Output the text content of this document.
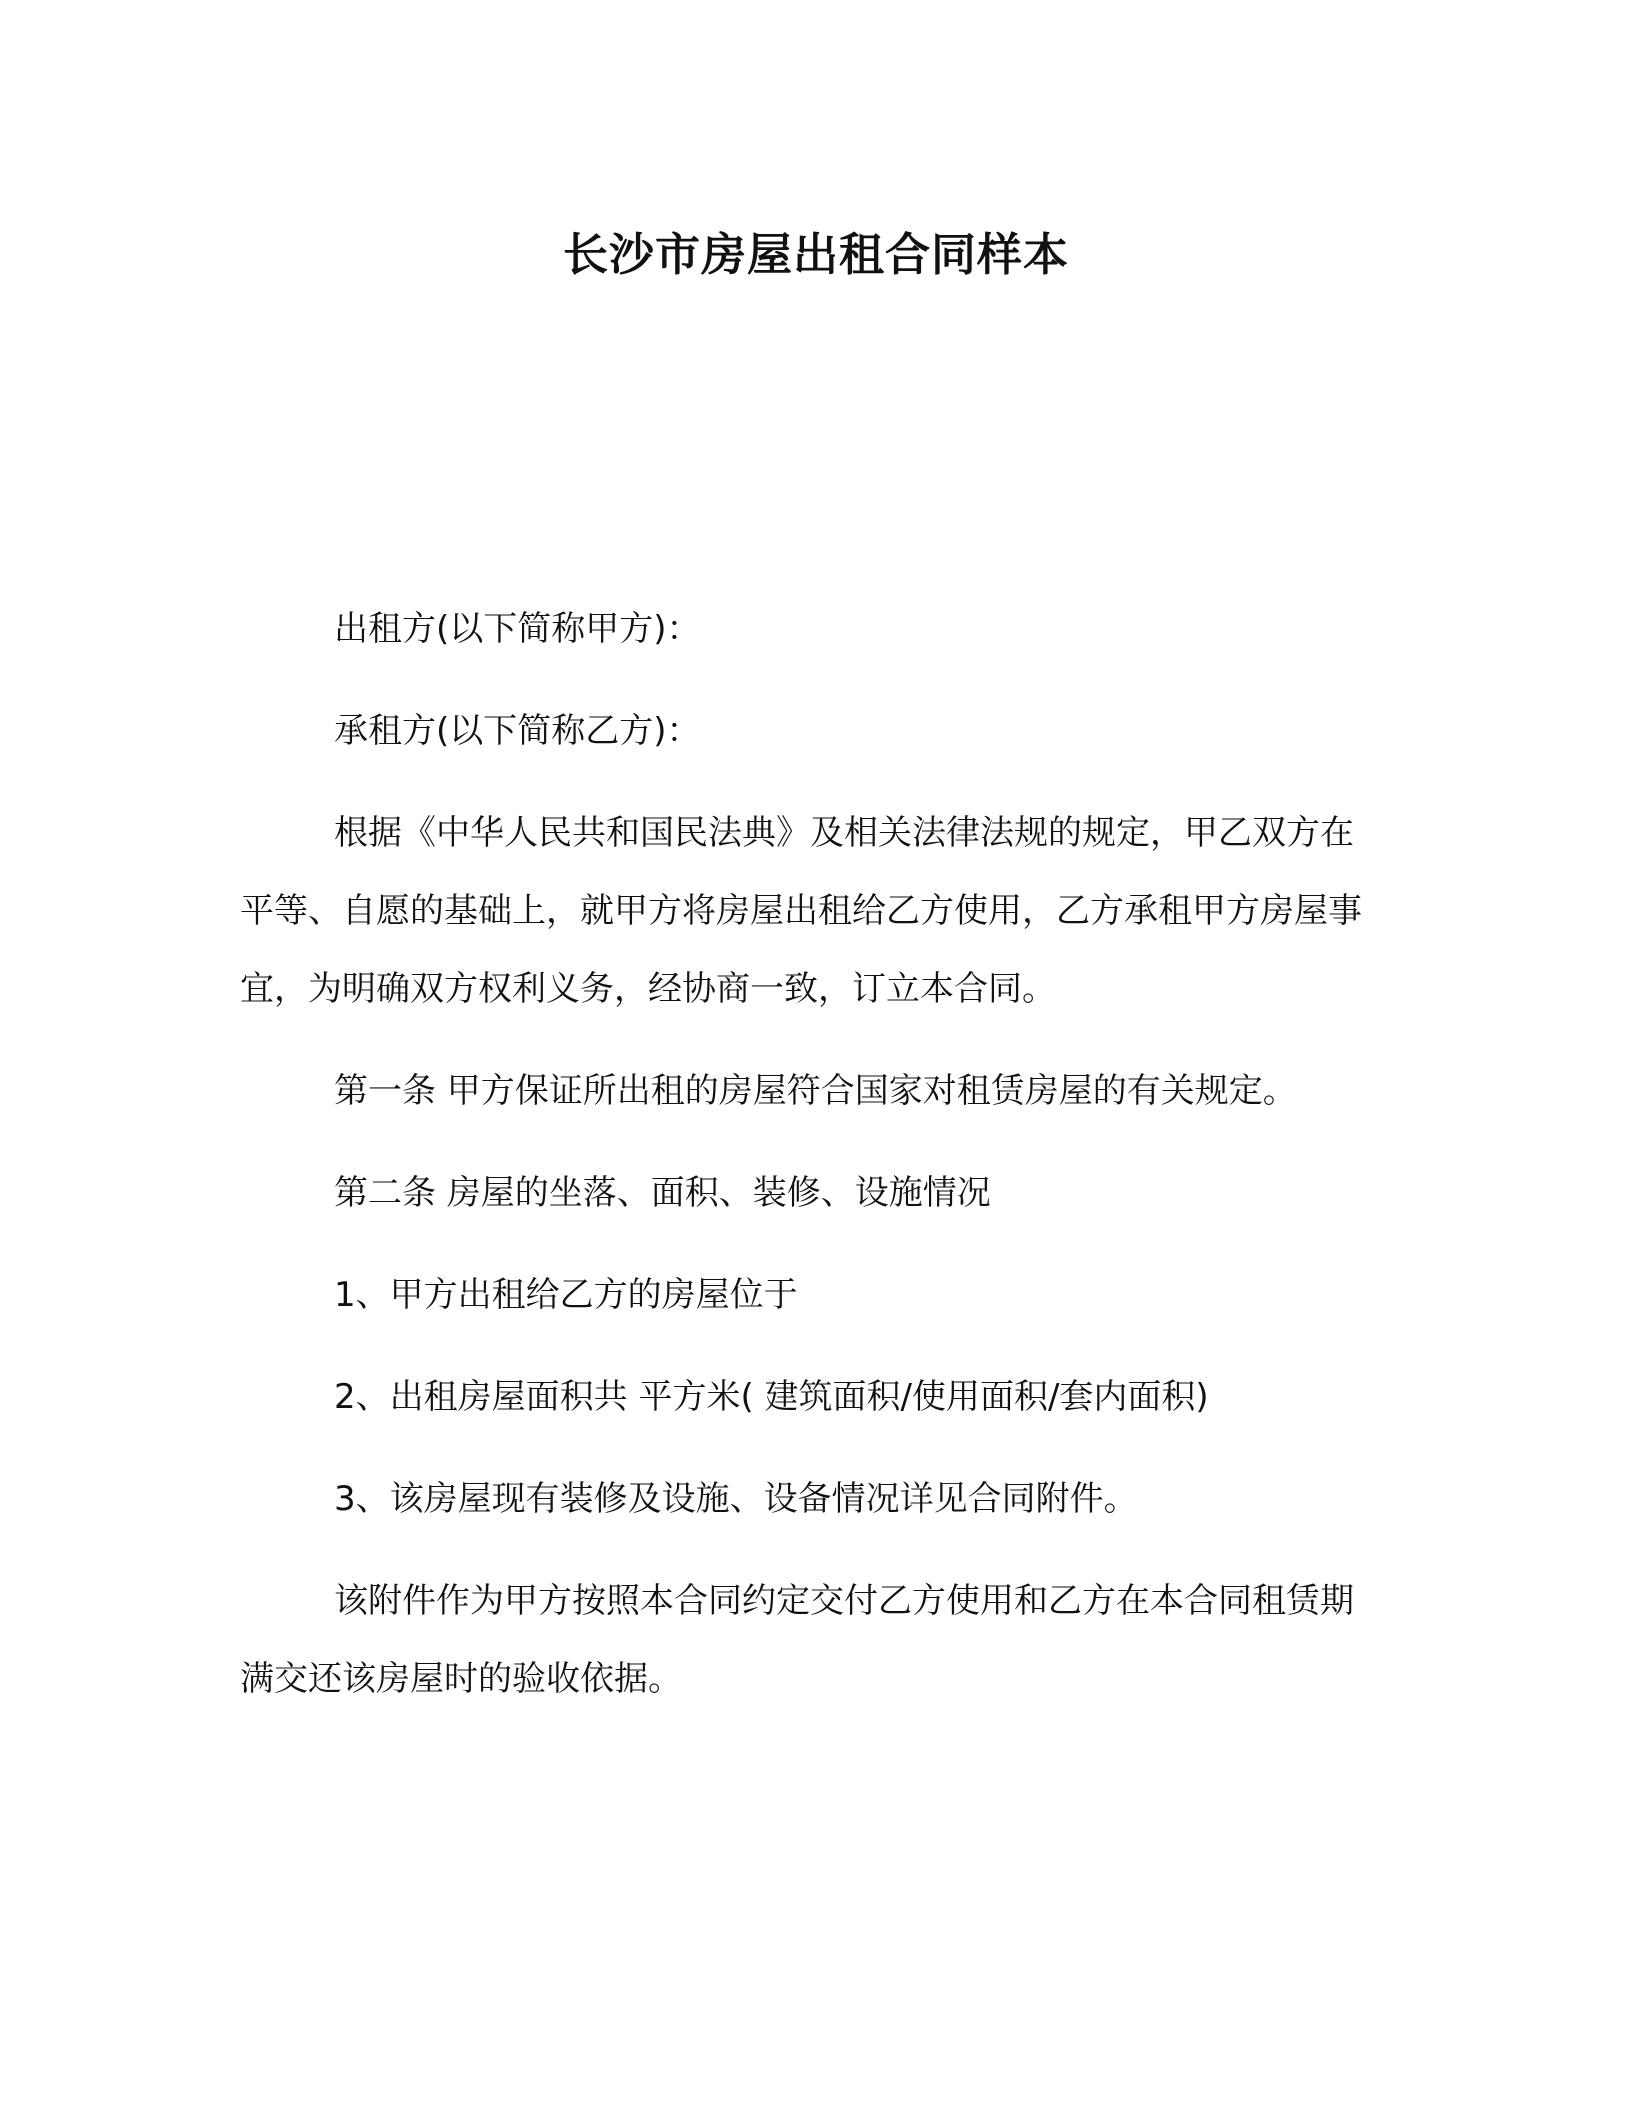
长沙市房屋出租合同样本

出租方(以下简称甲方)：

承租方(以下简称乙方)：

根据《中华人民共和国民法典》及相关法律法规的规定，甲乙双方在平等、自愿的基础上，就甲方将房屋出租给乙方使用，乙方承租甲方房屋事宜，为明确双方权利义务，经协商一致，订立本合同。

第一条 甲方保证所出租的房屋符合国家对租赁房屋的有关规定。

第二条 房屋的坐落、面积、装修、设施情况

1、甲方出租给乙方的房屋位于

2、出租房屋面积共 平方米( 建筑面积/使用面积/套内面积)

3、该房屋现有装修及设施、设备情况详见合同附件。

该附件作为甲方按照本合同约定交付乙方使用和乙方在本合同租赁期满交还该房屋时的验收依据。
